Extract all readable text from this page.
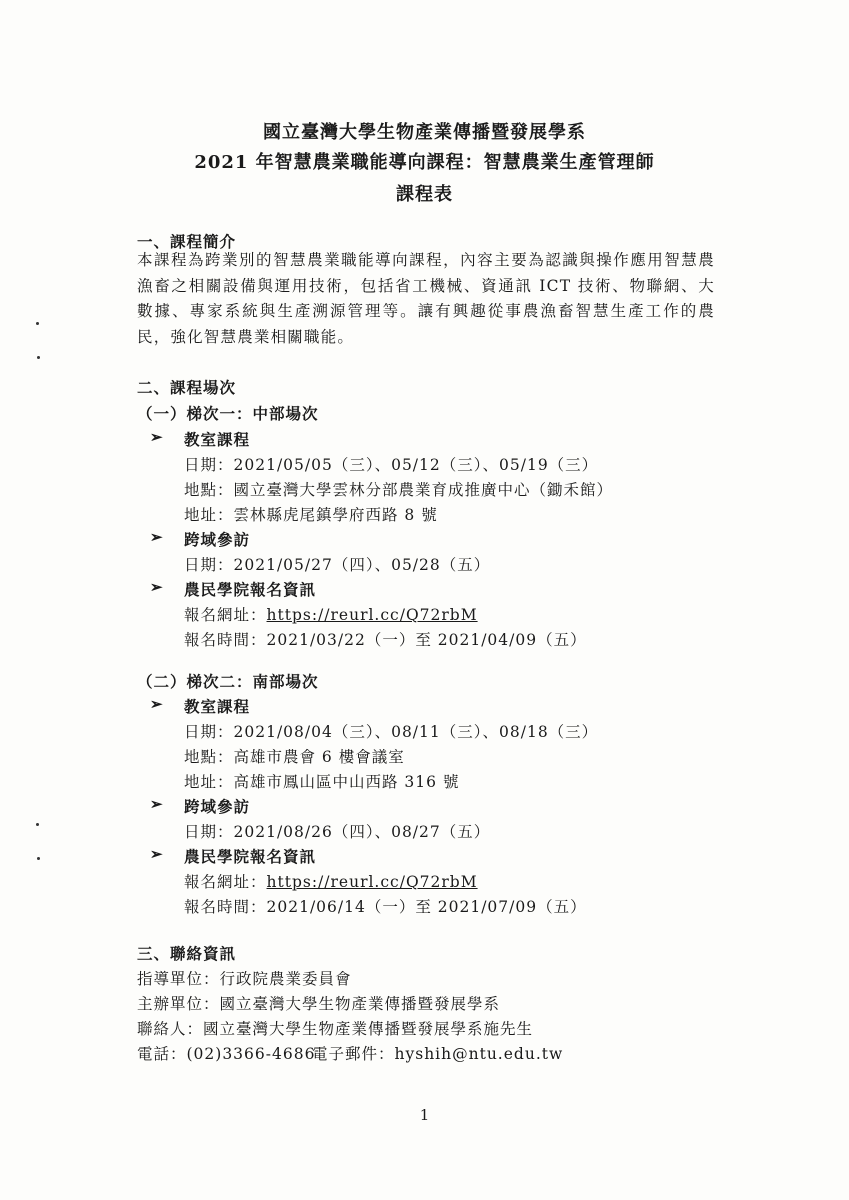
國立臺灣大學生物產業傳播暨發展學系
2021 年智慧農業職能導向課程：智慧農業生產管理師
課程表
一、課程簡介
本課程為跨業別的智慧農業職能導向課程，內容主要為認識與操作應用智慧農漁畜之相關設備與運用技術，包括省工機械、資通訊 ICT 技術、物聯網、大數據、專家系統與生產溯源管理等。讓有興趣從事農漁畜智慧生產工作的農民，強化智慧農業相關職能。
二、課程場次
（一）梯次一：中部場次
➢ 教室課程
日期：2021/05/05（三）、05/12（三）、05/19（三）
地點：國立臺灣大學雲林分部農業育成推廣中心（鋤禾館）
地址：雲林縣虎尾鎮學府西路 8 號
➢ 跨域參訪
日期：2021/05/27（四）、05/28（五）
➢ 農民學院報名資訊
報名網址：https://reurl.cc/Q72rbM
報名時間：2021/03/22（一）至 2021/04/09（五）
（二）梯次二：南部場次
➢ 教室課程
日期：2021/08/04（三）、08/11（三）、08/18（三）
地點：高雄市農會 6 樓會議室
地址：高雄市鳳山區中山西路 316 號
➢ 跨域參訪
日期：2021/08/26（四）、08/27（五）
➢ 農民學院報名資訊
報名網址：https://reurl.cc/Q72rbM
報名時間：2021/06/14（一）至 2021/07/09（五）
三、聯絡資訊
指導單位：行政院農業委員會
主辦單位：國立臺灣大學生物產業傳播暨發展學系
聯絡人：國立臺灣大學生物產業傳播暨發展學系施先生
電話：(02)3366-4686
電子郵件：hyshih@ntu.edu.tw
1
